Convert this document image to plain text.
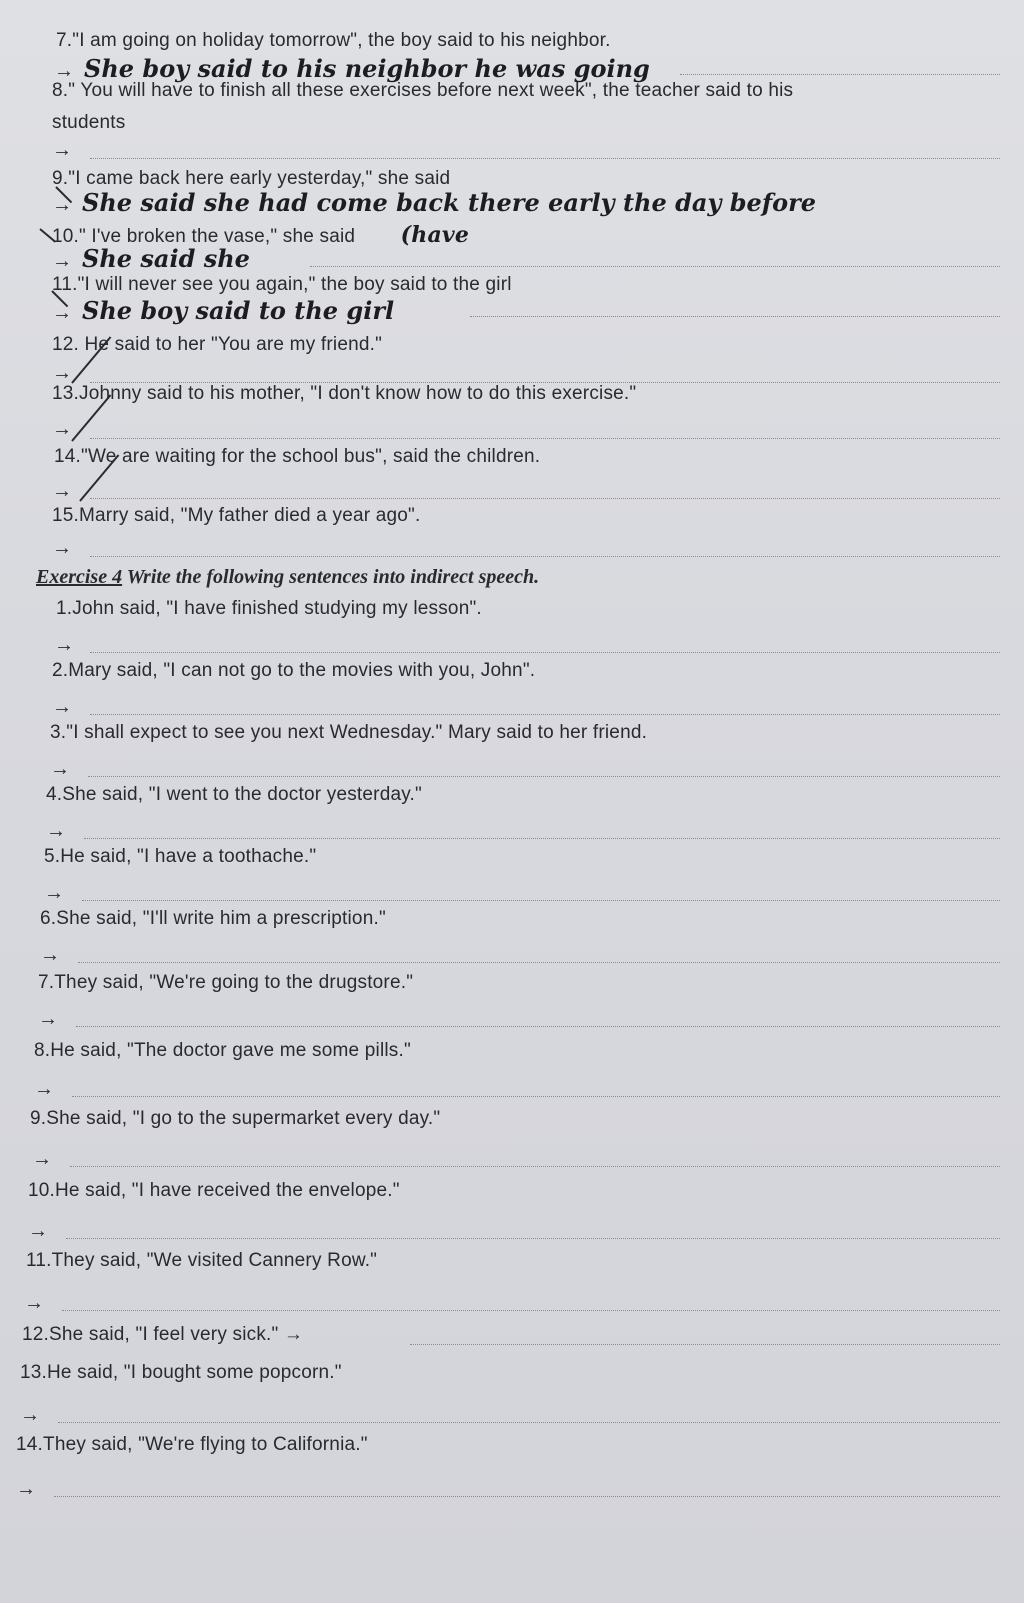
7."I am going on holiday tomorrow", the boy said to his neighbor.
→ She boy said to his neighbor he was going
8." You will have to finish all these exercises before next week", the teacher said to his
students
→
9."I came back here early yesterday," she said
→ She said she had come back there early the day before
10." I've broken the vase," she said (have
→ She said she
11."I will never see you again," the boy said to the girl
→ She boy said to the girl
12. He said to her "You are my friend."
→
13.Johnny said to his mother, "I don't know how to do this exercise."
→
14."We are waiting for the school bus", said the children.
→
15.Marry said, "My father died a year ago".
→
Exercise 4 Write the following sentences into indirect speech.
1.John said, "I have finished studying my lesson".
→
2.Mary said, "I can not go to the movies with you, John".
→
3."I shall expect to see you next Wednesday." Mary said to her friend.
→
4.She said, "I went to the doctor yesterday."
→
5.He said, "I have a toothache."
→
6.She said, "I'll write him a prescription."
→
7.They said, "We're going to the drugstore."
→
8.He said, "The doctor gave me some pills."
→
9.She said, "I go to the supermarket every day."
→
10.He said, "I have received the envelope."
→
11.They said, "We visited Cannery Row."
→
12.She said, "I feel very sick." →
13.He said, "I bought some popcorn."
→
14.They said, "We're flying to California."
→
